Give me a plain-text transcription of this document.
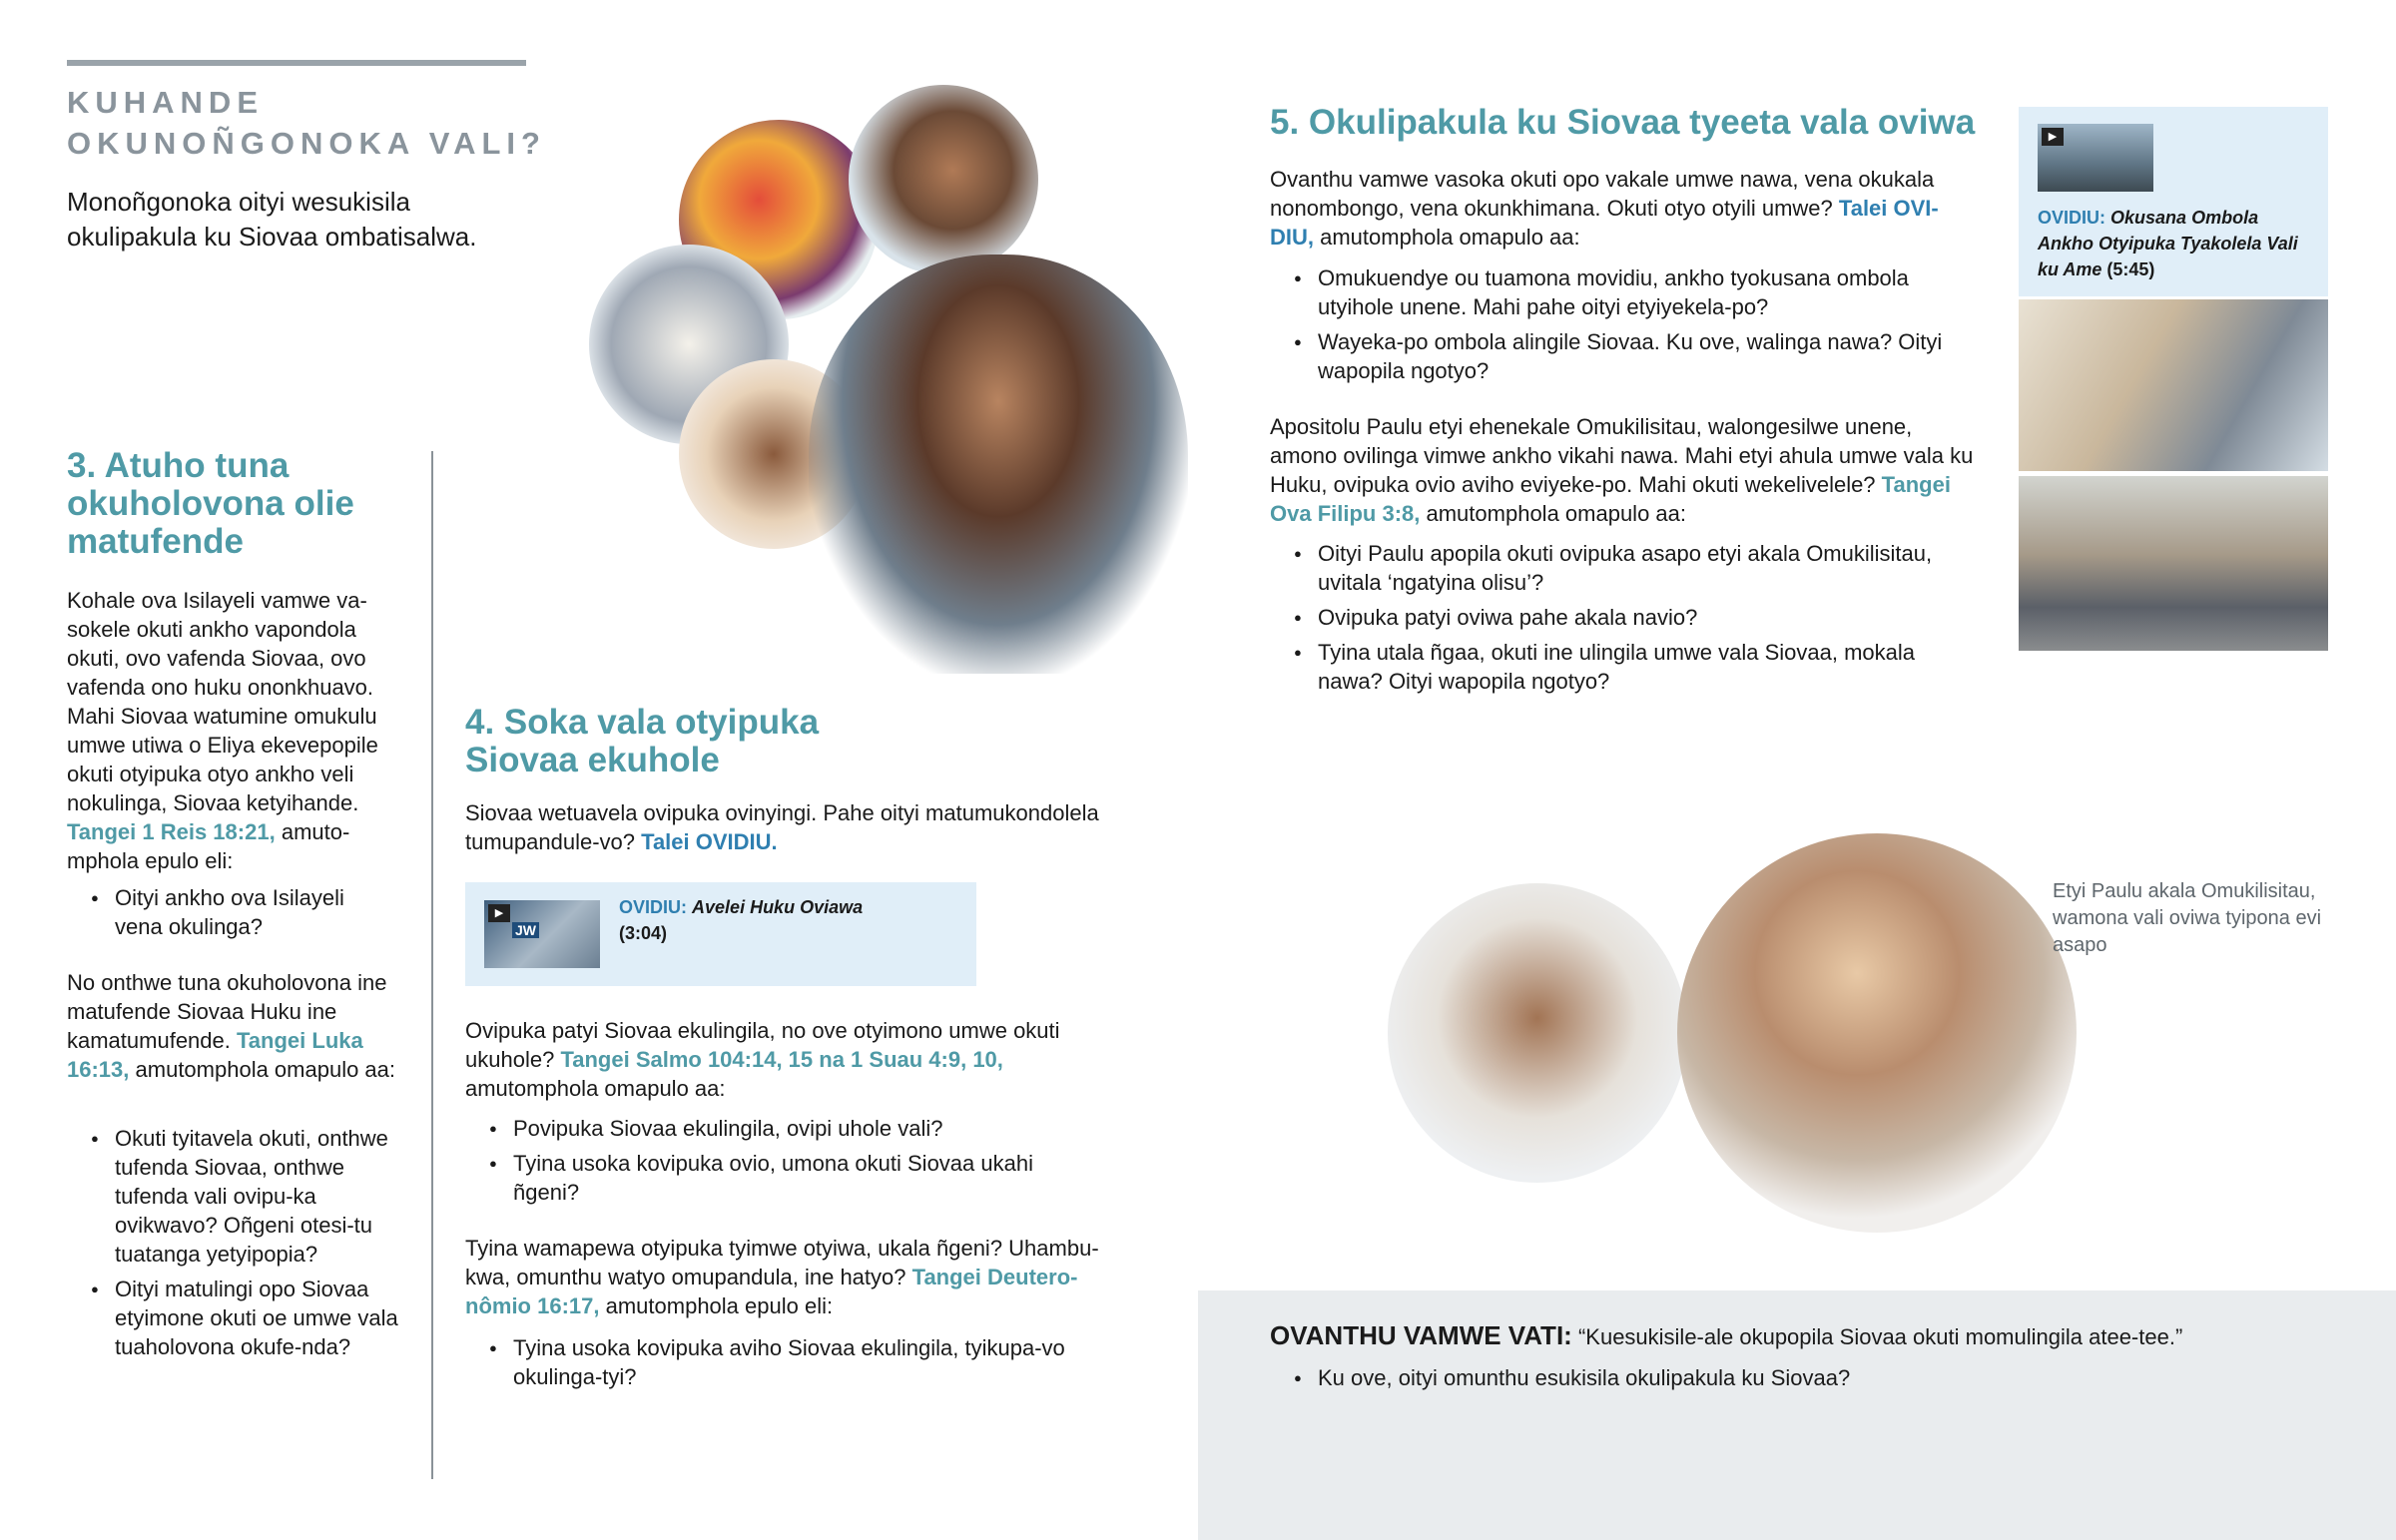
KUHANDE
OKUNOÑGONOKA VALI?
Monoñgonoka oityi wesukisila okulipakula ku Siovaa ombatisalwa.
3. Atuho tuna okuholovona olie matufende
Kohale ova Isilayeli vamwe va-sokele okuti ankho vapondola okuti, ovo vafenda Siovaa, ovo vafenda ono huku ononkhuavo. Mahi Siovaa watumine omukulu umwe utiwa o Eliya ekevepopile okuti otyipuka otyo ankho veli nokulinga, Siovaa ketyihande. Tangei 1 Reis 18:21, amuto-mphola epulo eli:
● Oityi ankho ova Isilayeli vena okulinga?
No onthwe tuna okuholovona ine matufende Siovaa Huku ine kamatumufende. Tangei Luka 16:13, amutomphola omapulo aa:
● Okuti tyitavela okuti, onthwe tufenda Siovaa, onthwe tufenda vali ovipu-ka ovikwavo? Oñgeni otesi-tu tuatanga yetyipopia?
● Oityi matulingi opo Siovaa etyimone okuti oe umwe vala tuaholovona okufe-nda?
4. Soka vala otyipuka Siovaa ekuhole
Siovaa wetuavela ovipuka ovinyingi. Pahe oityi matumukondolela tumupandule-vo? Talei OVIDIU.
▶
JW
OVIDIU: Avelei Huku Oviawa
(3:04)
Ovipuka patyi Siovaa ekulingila, no ove otyimono umwe okuti ukuhole? Tangei Salmo 104:14, 15 na 1 Suau 4:9, 10, amutomphola omapulo aa:
● Povipuka Siovaa ekulingila, ovipi uhole vali?
● Tyina usoka kovipuka ovio, umona okuti Siovaa ukahi ñgeni?
Tyina wamapewa otyipuka tyimwe otyiwa, ukala ñgeni? Uhambu-kwa, omunthu watyo omupandula, ine hatyo? Tangei Deutero-nômio 16:17, amutomphola epulo eli:
● Tyina usoka kovipuka aviho Siovaa ekulingila, tyikupa-vo okulinga-tyi?
5. Okulipakula ku Siovaa tyeeta vala oviwa
Ovanthu vamwe vasoka okuti opo vakale umwe nawa, vena okukala nonombongo, vena okunkhimana. Okuti otyo otyili umwe? Talei OVI-DIU, amutomphola omapulo aa:
● Omukuendye ou tuamona movidiu, ankho tyokusana ombola utyihole unene. Mahi pahe oityi etyiyekela-po?
● Wayeka-po ombola alingile Siovaa. Ku ove, walinga nawa? Oityi wapopila ngotyo?
Apositolu Paulu etyi ehenekale Omukilisitau, walongesilwe unene, amono ovilinga vimwe ankho vikahi nawa. Mahi etyi ahula umwe vala ku Huku, ovipuka ovio aviho eviyeke-po. Mahi okuti wekelivelele? Tangei Ova Filipu 3:8, amutomphola omapulo aa:
● Oityi Paulu apopila okuti ovipuka asapo etyi akala Omukilisitau, uvitala ‘ngatyina olisu’?
● Ovipuka patyi oviwa pahe akala navio?
● Tyina utala ñgaa, okuti ine ulingila umwe vala Siovaa, mokala nawa? Oityi wapopila ngotyo?
▶
OVIDIU: Okusana Ombola Ankho Otyipuka Tyakolela Vali ku Ame (5:45)
Etyi Paulu akala Omukilisitau, wamona vali oviwa tyipona evi asapo
OVANTHU VAMWE VATI: “Kuesukisile-ale okupopila Siovaa okuti momulingila atee-tee.”
● Ku ove, oityi omunthu esukisila okulipakula ku Siovaa?
